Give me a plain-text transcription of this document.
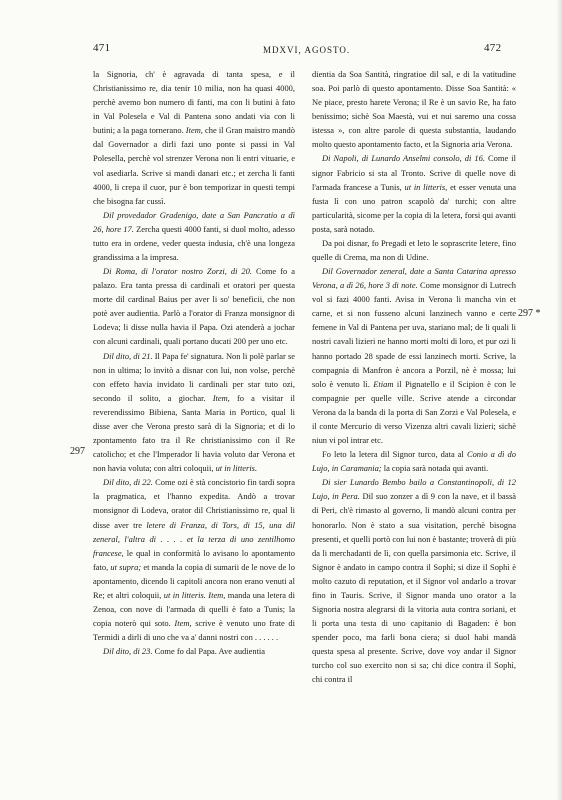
471	MDXVI, AGOSTO.	472
297
297 *

la Signoria, ch' è agravada di tanta spesa, e il Christianissimo re, dia tenir 10 milia, non ha quasi 4000, perchè avemo bon numero di fanti, ma con li butini à fato in Val Polesela e Val di Pantena sono andati via con li butini; a la paga tornerano. Item, che il Gran maistro mandò dal Governador a dirli fazi uno ponte si passi in Val Polesella, perchè vol strenzer Verona non li entri vituarie, e vol asediarla. Scrive si mandi danari etc.; et zercha li fanti 4000, li crepa il cuor, pur è bon temporizar in questi tempi che bisogna far cussì.

Dil provedador Gradenigo, date a San Pancratio a dì 26, hore 17. Zercha questi 4000 fanti, si duol molto, adesso tutto era in ordene, veder questa indusia, ch'è una longeza grandissima a la impresa.

Di Roma, di l'orator nostro Zorzi, di 20. Come fo a palazo. Era tanta pressa di cardinali et oratori per questa morte dil cardinal Baius per aver li so' beneficii, che non potè aver audientia. Parlò a l'orator di Franza monsignor di Lodeva; li disse nulla havia il Papa. Ozi atenderà a jochar con alcuni cardinali, quali portano ducati 200 per uno etc.

Dil dito, di 21. Il Papa fe' signatura. Non li polè parlar se non in ultima; lo invitò a disnar con lui, non volse, perchè con effeto havia invidato li cardinali per star tuto ozi, secondo il solito, a giochar. Item, fo a visitar il reverendissimo Bibiena, Santa Maria in Portico, qual li disse aver che Verona presto sarà di la Signoria; et di lo zpontamento fato tra il Re christianissimo con il Re catolicho; et che l'Imperador li havia voluto dar Verona et non havia voluta; con altri coloquii, ut in litteris.

Dil dito, di 22. Come ozi è stà concistorio fin tardi sopra la pragmatica, et l'hanno expedita. Andò a trovar monsignor di Lodeva, orator dil Christianissimo re, qual li disse aver tre letere di Franza, di Tors, di 15, una dil zeneral, l'altra di . . . . et la terza di uno zentilhomo francese, le qual in conformità lo avisano lo apontamento fato, ut supra; et manda la copia di sumarii de le nove de lo apontamento, dicendo li capitoli ancora non erano venuti al Re; et altri coloquii, ut in litteris. Item, manda una letera di Zenoa, con nove di l'armada di quelli è fato a Tunis; la copia noterò qui soto. Item, scrive è venuto uno frate di Termidi a dirli di uno che va a' danni nostri con . . . . . .

Dil dito, di 23. Come fo dal Papa. Ave audientia

dientia da Soa Santità, ringratioe dil sal, e di la vatitudine soa. Poi parlò di questo apontamento. Disse Soa Santità: « Ne piace, presto harete Verona; il Re è un savio Re, ha fato benissimo; sichè Soa Maestà, vui et nui saremo una cossa istessa », con altre parole di questa substantia, laudando molto questo apontamento facto, et la Signoria aria Verona.

Di Napoli, di Lunardo Anselmi consolo, di 16. Come il signor Fabricio si sta al Tronto. Scrive di quelle nove di l'armada francese a Tunis, ut in litteris, et esser venuta una fusta lì con uno patron scapolò da' turchi; con altre particularità, sicome per la copia di la letera, forsi qui avanti posta, sarà notado.

Da poi disnar, fo Pregadi et leto le soprascrite letere, fino quelle di Crema, ma non di Udine.

Dil Governador zeneral, date a Santa Catarina apresso Verona, a dì 26, hore 3 di note. Come monsignor di Lutrech vol si fazi 4000 fanti. Avisa in Verona li mancha vin et carne, et si non fusseno alcuni lanzinech vanno e certe femene in Val di Pantena per uva, stariano mal; de li quali li nostri cavali lizieri ne hanno morti molti di loro, et pur ozi li hanno portado 28 spade de essi lanzinech morti. Scrive, la compagnia di Manfron è ancora a Porzil, nè è mossa; lui solo è venuto lì. Etiam il Pignatello e il Scipion è con le compagnie per quelle ville. Scrive atende a circondar Verona da la banda di la porta di San Zorzi e Val Polesela, e il conte Mercurio di verso Vizenza altri cavali lizieri; sichè niun vi pol intrar etc.

Fo leto la letera dil Signor turco, data al Conio a dì do Lujo, in Caramania; la copia sarà notada qui avanti.

Di sier Lunardo Bembo bailo a Constantinopoli, di 12 Lujo, in Pera. Dil suo zonzer a dì 9 con la nave, et il bassà di Peri, ch'è rimasto al governo, li mandò alcuni contra per honorarlo. Non è stato a sua visitation, perchè bisogna presenti, et quelli portò con lui non è bastante; troverà di più da li merchadanti de lì, con quella parsimonia etc. Scrive, il Signor è andato in campo contra il Sophì; si dize il Sophì è molto cazuto di reputation, et il Signor vol andarlo a trovar fino in Tauris. Scrive, il Signor manda uno orator a la Signoria nostra alegrarsi di la vitoria auta contra soriani, et li porta una testa di uno capitanio di Bagaden: è bon spender poco, ma farli bona ciera; si duol habi mandà questa spesa al presente. Scrive, dove voy andar il Signor turcho col suo exercito non si sa; chi dice contra il Sophì, chi contra il
